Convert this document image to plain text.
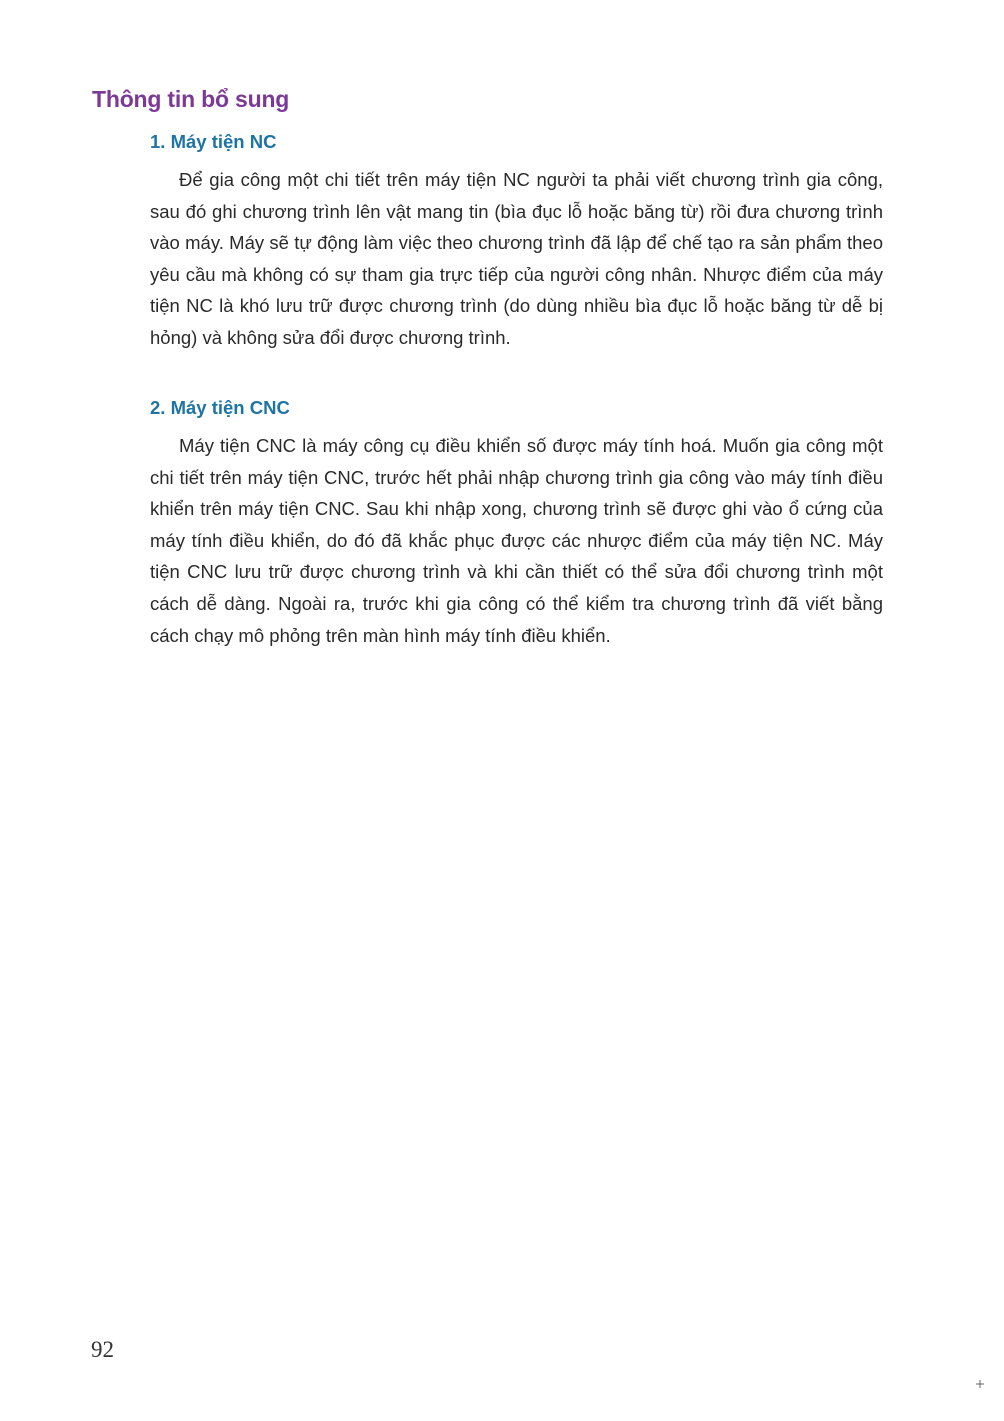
Thông tin bổ sung
1. Máy tiện NC

Để gia công một chi tiết trên máy tiện NC người ta phải viết chương trình gia công, sau đó ghi chương trình lên vật mang tin (bìa đục lỗ hoặc băng từ) rồi đưa chương trình vào máy. Máy sẽ tự động làm việc theo chương trình đã lập để chế tạo ra sản phẩm theo yêu cầu mà không có sự tham gia trực tiếp của người công nhân. Nhược điểm của máy tiện NC là khó lưu trữ được chương trình (do dùng nhiều bìa đục lỗ hoặc băng từ dễ bị hỏng) và không sửa đổi được chương trình.

2. Máy tiện CNC

Máy tiện CNC là máy công cụ điều khiển số được máy tính hoá. Muốn gia công một chi tiết trên máy tiện CNC, trước hết phải nhập chương trình gia công vào máy tính điều khiển trên máy tiện CNC. Sau khi nhập xong, chương trình sẽ được ghi vào ổ cứng của máy tính điều khiển, do đó đã khắc phục được các nhược điểm của máy tiện NC. Máy tiện CNC lưu trữ được chương trình và khi cần thiết có thể sửa đổi chương trình một cách dễ dàng. Ngoài ra, trước khi gia công có thể kiểm tra chương trình đã viết bằng cách chạy mô phỏng trên màn hình máy tính điều khiển.

92
